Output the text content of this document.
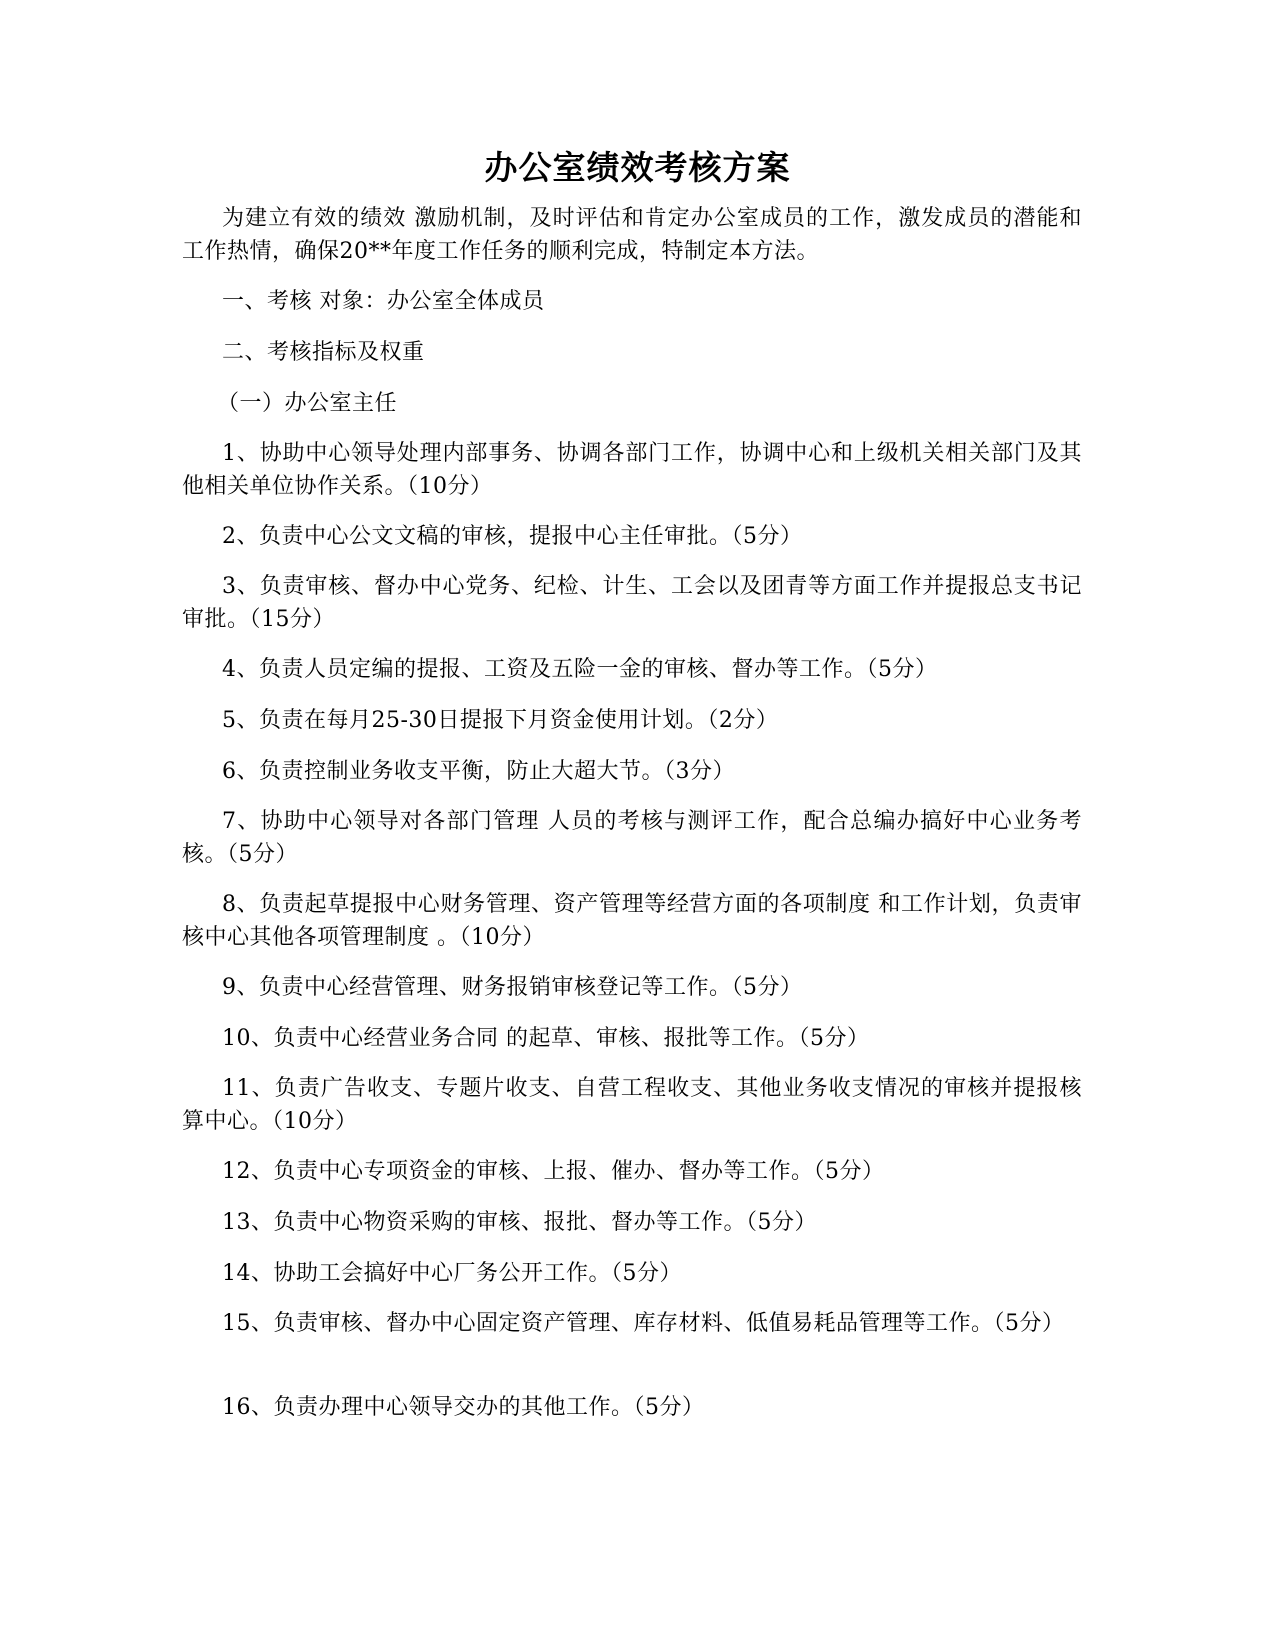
办公室绩效考核方案

为建立有效的绩效 激励机制，及时评估和肯定办公室成员的工作，激发成员的潜能和工作热情，确保20**年度工作任务的顺利完成，特制定本方法。

一、考核 对象：办公室全体成员

二、考核指标及权重

（一）办公室主任

1、协助中心领导处理内部事务、协调各部门工作，协调中心和上级机关相关部门及其他相关单位协作关系。（10分）

2、负责中心公文文稿的审核，提报中心主任审批。（5分）

3、负责审核、督办中心党务、纪检、计生、工会以及团青等方面工作并提报总支书记审批。（15分）

4、负责人员定编的提报、工资及五险一金的审核、督办等工作。（5分）

5、负责在每月25-30日提报下月资金使用计划。（2分）

6、负责控制业务收支平衡，防止大超大节。（3分）

7、协助中心领导对各部门管理 人员的考核与测评工作，配合总编办搞好中心业务考核。（5分）

8、负责起草提报中心财务管理、资产管理等经营方面的各项制度 和工作计划，负责审核中心其他各项管理制度 。（10分）

9、负责中心经营管理、财务报销审核登记等工作。（5分）

10、负责中心经营业务合同 的起草、审核、报批等工作。（5分）

11、负责广告收支、专题片收支、自营工程收支、其他业务收支情况的审核并提报核算中心。（10分）

12、负责中心专项资金的审核、上报、催办、督办等工作。（5分）

13、负责中心物资采购的审核、报批、督办等工作。（5分）

14、协助工会搞好中心厂务公开工作。（5分）

15、负责审核、督办中心固定资产管理、库存材料、低值易耗品管理等工作。（5分）

16、负责办理中心领导交办的其他工作。（5分）
